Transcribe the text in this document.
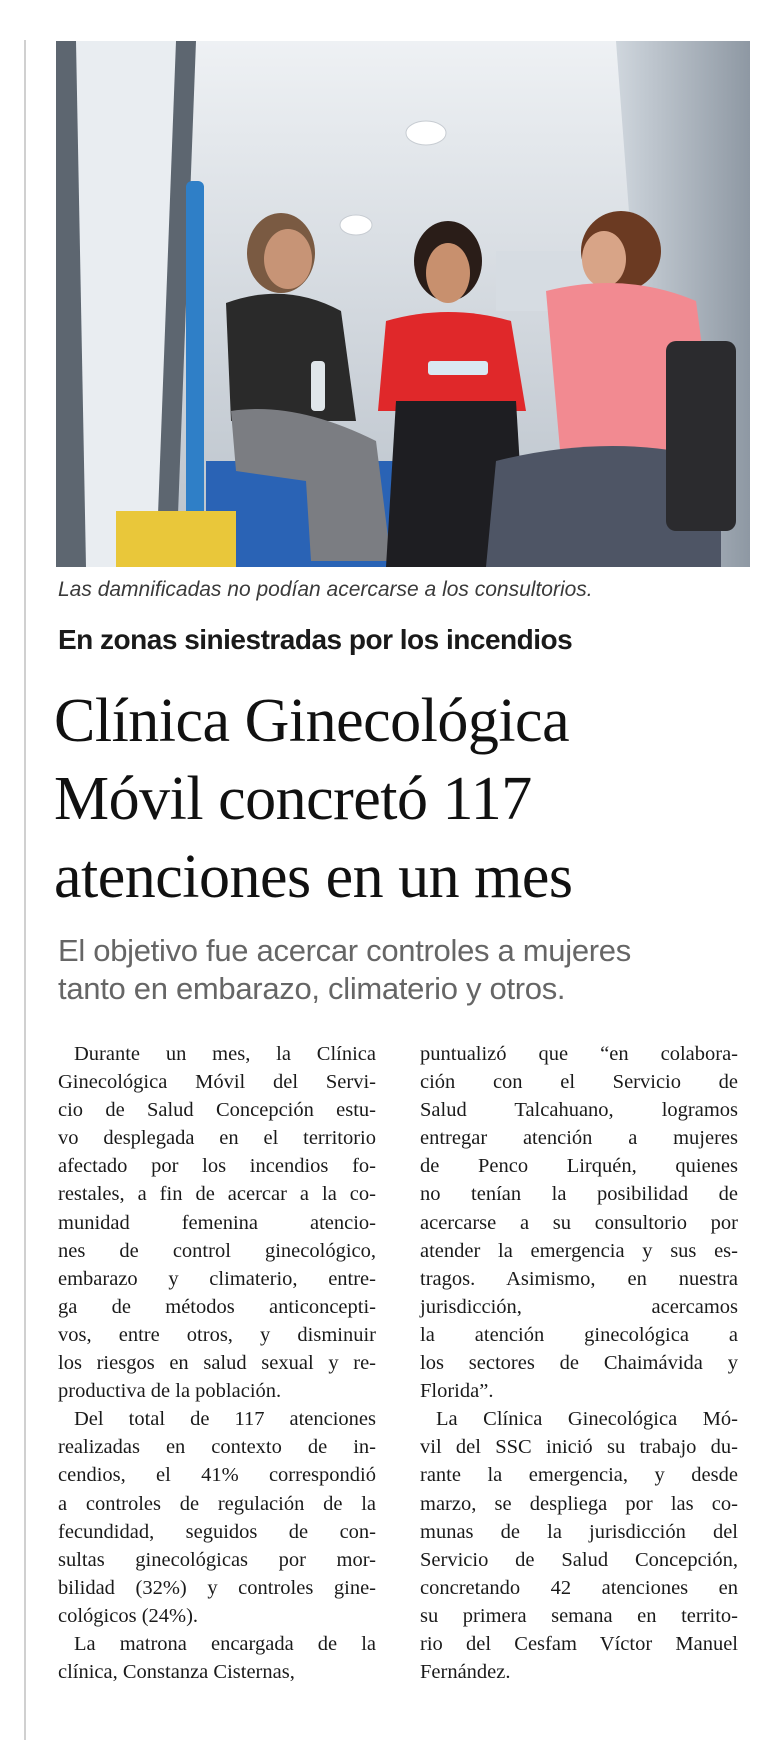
Las damnificadas no podían acercarse a los consultorios.
En zonas siniestradas por los incendios
Clínica Ginecológica
Móvil concretó 117
atenciones en un mes
El objetivo fue acercar controles a mujeres
tanto en embarazo, climaterio y otros.
Durante un mes, la Clínica
Ginecológica Móvil del Servi-
cio de Salud Concepción estu-
vo desplegada en el territorio
afectado por los incendios fo-
restales, a fin de acercar a la co-
munidad femenina atencio-
nes de control ginecológico,
embarazo y climaterio, entre-
ga de métodos anticoncepti-
vos, entre otros, y disminuir
los riesgos en salud sexual y re-
productiva de la población.
Del total de 117 atenciones
realizadas en contexto de in-
cendios, el 41% correspondió
a controles de regulación de la
fecundidad, seguidos de con-
sultas ginecológicas por mor-
bilidad (32%) y controles gine-
cológicos (24%).
La matrona encargada de la
clínica, Constanza Cisternas,
puntualizó que “en colabora-
ción con el Servicio de
Salud Talcahuano, logramos
entregar atención a mujeres
de Penco Lirquén, quienes
no tenían la posibilidad de
acercarse a su consultorio por
atender la emergencia y sus es-
tragos. Asimismo, en nuestra
jurisdicción, acercamos
la atención ginecológica a
los sectores de Chaimávida y
Florida”.
La Clínica Ginecológica Mó-
vil del SSC inició su trabajo du-
rante la emergencia, y desde
marzo, se despliega por las co-
munas de la jurisdicción del
Servicio de Salud Concepción,
concretando 42 atenciones en
su primera semana en territo-
rio del Cesfam Víctor Manuel
Fernández.
